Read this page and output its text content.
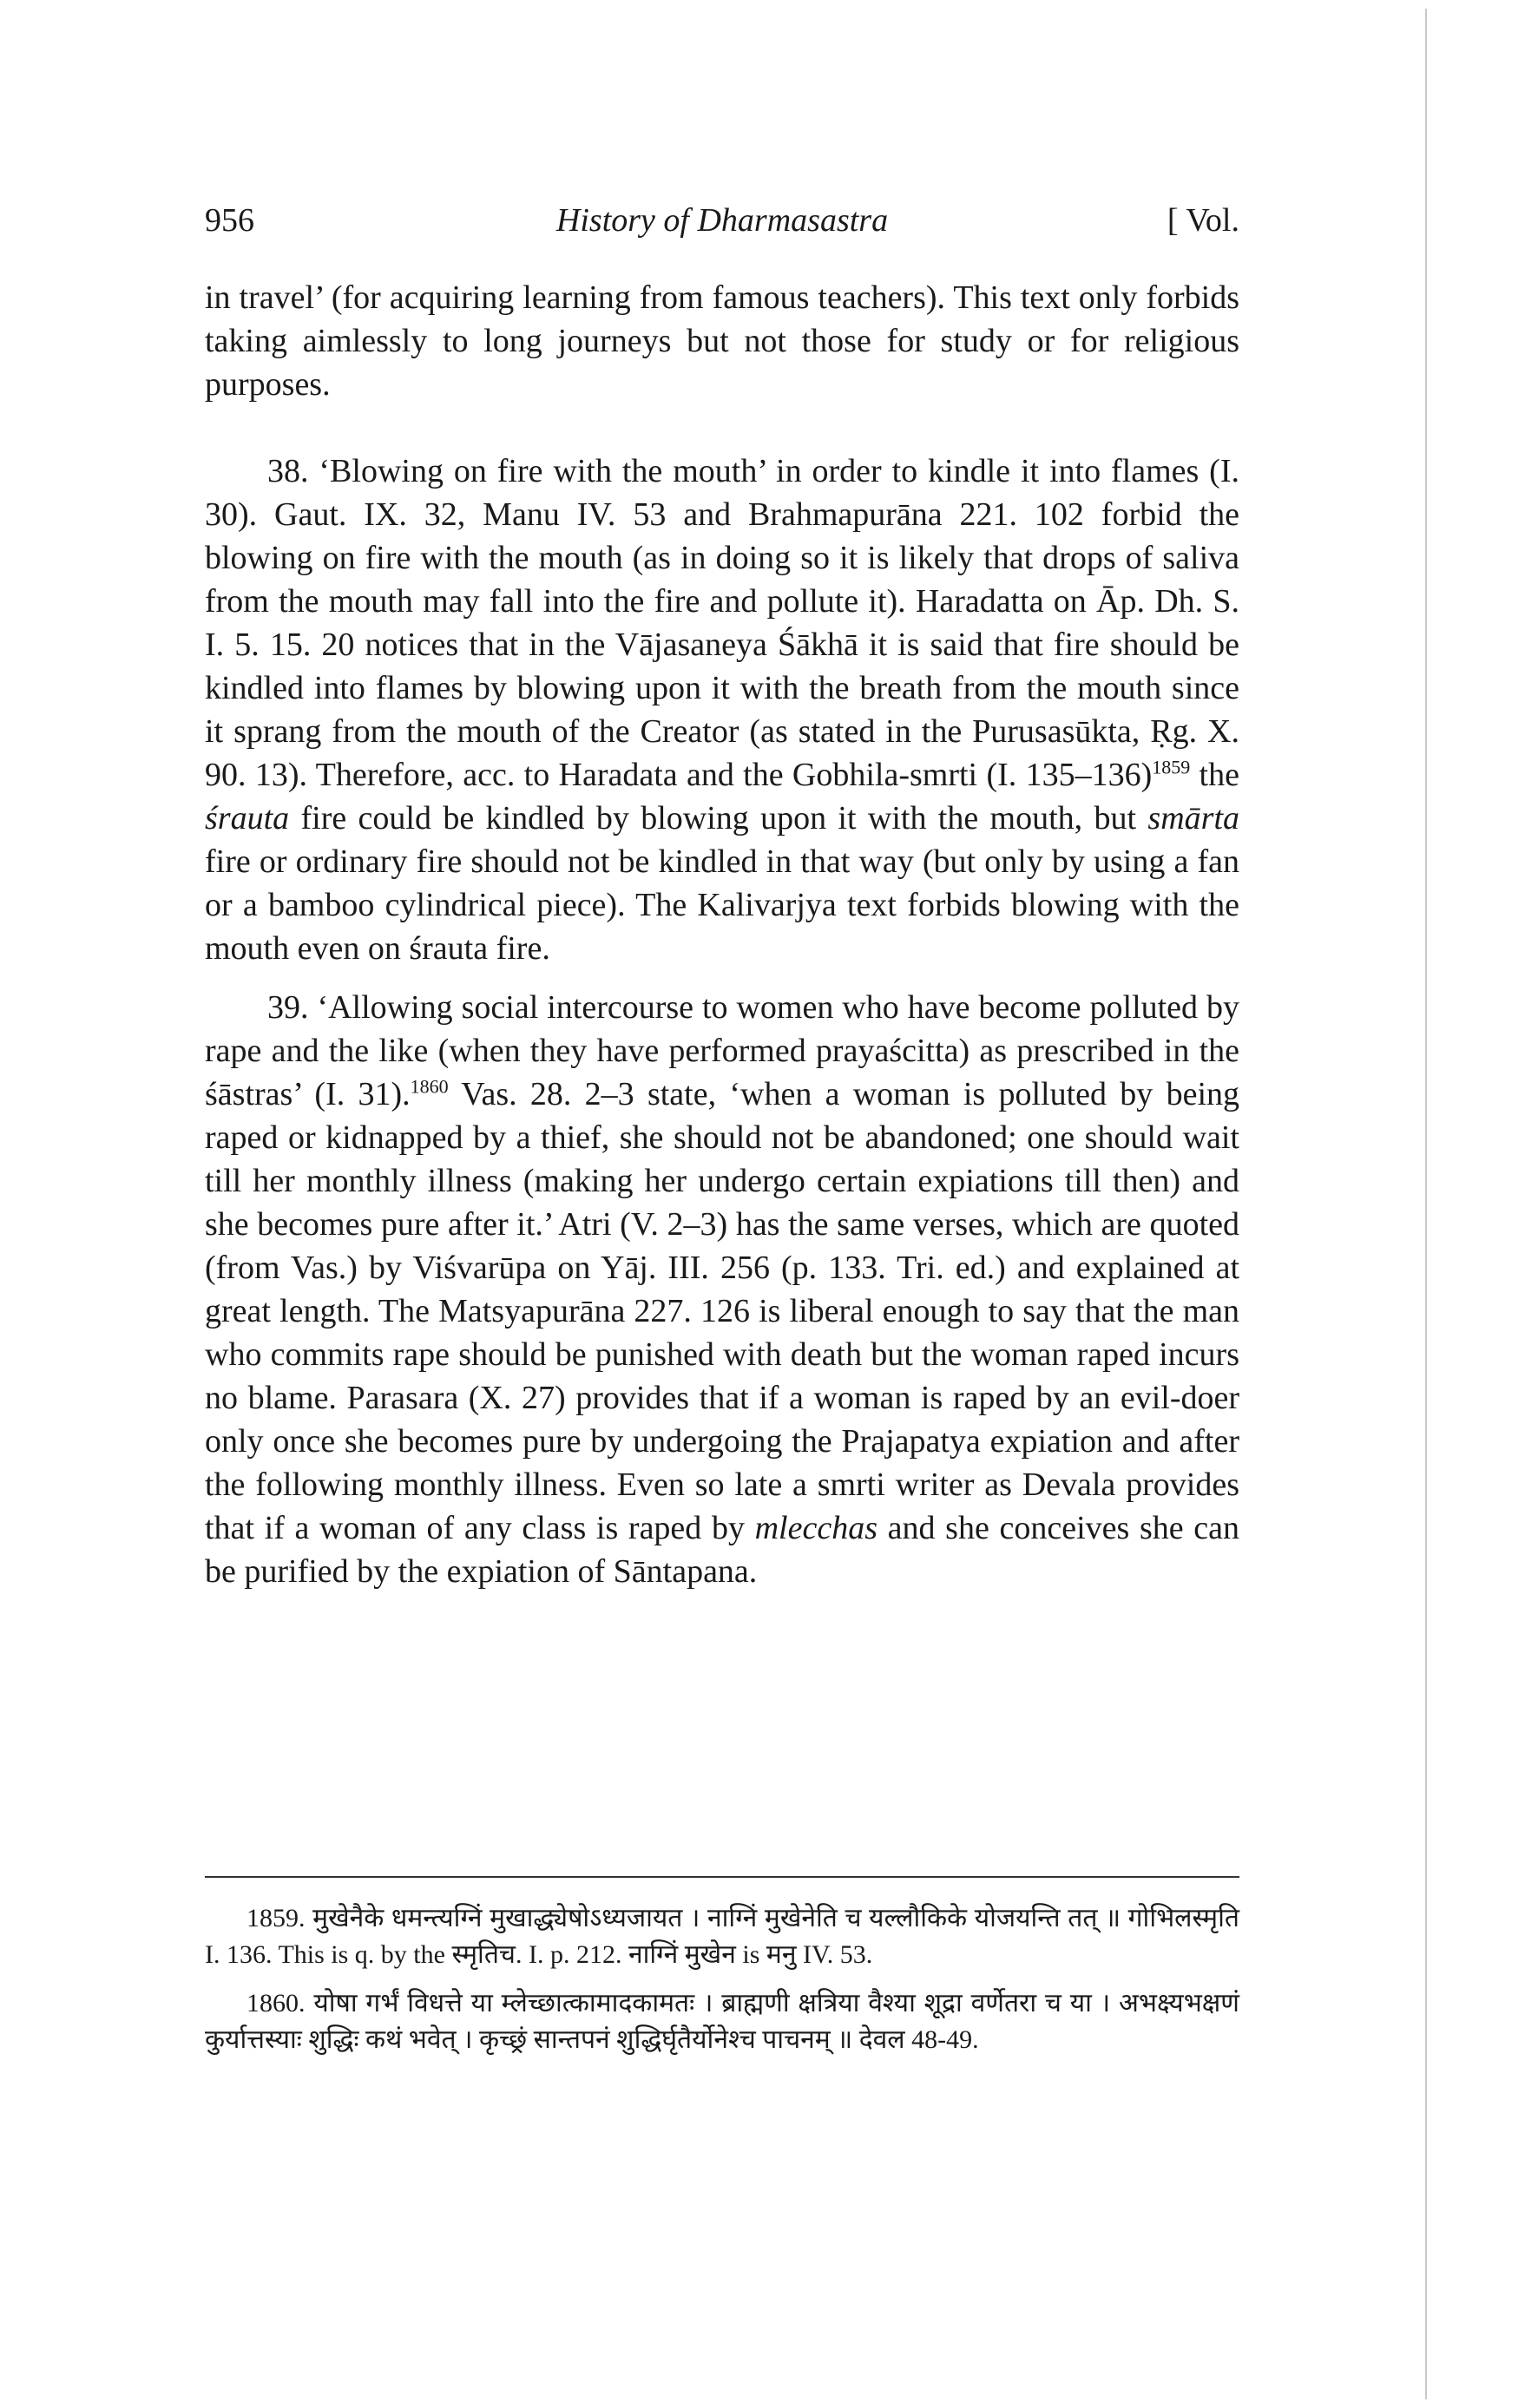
956	History of Dharmasastra	[ Vol.

in travel’ (for acquiring learning from famous teachers). This text only forbids taking aimlessly to long journeys but not those for study or for religious purposes.

38. ‘Blowing on fire with the mouth’ in order to kindle it into flames (I. 30). Gaut. IX. 32, Manu IV. 53 and Brahmapurāna 221. 102 forbid the blowing on fire with the mouth (as in doing so it is likely that drops of saliva from the mouth may fall into the fire and pollute it). Haradatta on Āp. Dh. S. I. 5. 15. 20 notices that in the Vājasaneya Śākhā it is said that fire should be kindled into flames by blowing upon it with the breath from the mouth since it sprang from the mouth of the Creator (as stated in the Purusasūkta, Ṛg. X. 90. 13). Therefore, acc. to Haradata and the Gobhila-smrti (I. 135–136)$^{1859}$ the śrauta fire could be kindled by blowing upon it with the mouth, but smārta fire or ordinary fire should not be kindled in that way (but only by using a fan or a bamboo cylindrical piece). The Kalivarjya text forbids blowing with the mouth even on śrauta fire.

39. ‘Allowing social intercourse to women who have become polluted by rape and the like (when they have performed prayaścitta) as prescribed in the śāstras’ (I. 31).$^{1860}$ Vas. 28. 2–3 state, ‘when a woman is polluted by being raped or kidnapped by a thief, she should not be abandoned; one should wait till her monthly illness (making her undergo certain expiations till then) and she becomes pure after it.’ Atri (V. 2–3) has the same verses, which are quoted (from Vas.) by Viśvarūpa on Yāj. III. 256 (p. 133. Tri. ed.) and explained at great length. The Matsyapurāna 227. 126 is liberal enough to say that the man who commits rape should be punished with death but the woman raped incurs no blame. Parasara (X. 27) provides that if a woman is raped by an evil-doer only once she becomes pure by undergoing the Prajapatya expiation and after the following monthly illness. Even so late a smrti writer as Devala provides that if a woman of any class is raped by mlecchas and she conceives she can be purified by the expiation of Sāntapana.

1859. मुखेनैके धमन्त्यग्निं मुखाद्ध्येषोऽध्यजायत । नाग्निं मुखेनेति च यल्लौकिके योजयन्ति तत् ॥ गोभिलस्मृति I. 136. This is q. by the स्मृतिच. I. p. 212. नाग्निं मुखेन is मनु IV. 53.

1860. योषा गर्भं विधत्ते या म्लेच्छात्कामादकामतः । ब्राह्मणी क्षत्रिया वैश्या शूद्रा वर्णेतरा च या । अभक्ष्यभक्षणं कुर्यात्तस्याः शुद्धिः कथं भवेत् । कृच्छ्रं सान्तपनं शुद्धिर्घृतैर्योनेश्च पाचनम् ॥ देवल 48-49.
